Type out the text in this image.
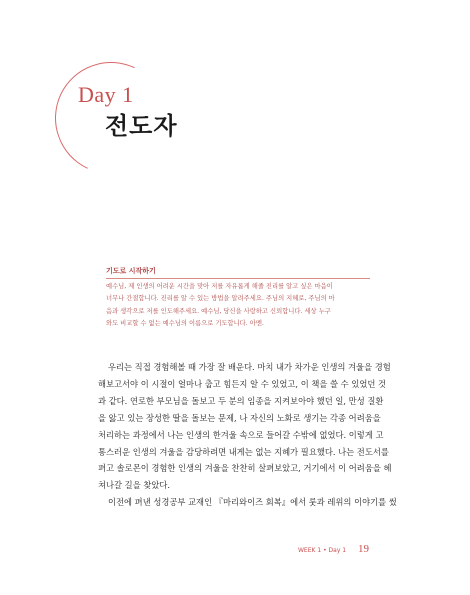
Day 1
전도자
기도로 시작하기
예수님, 제 인생의 어려운 시간을 맞아 저를 자유롭게 해줄 진리를 알고 싶은 마음이
너무나 간절합니다. 진리를 알 수 있는 방법을 알려주세요. 주님의 지혜로, 주님의 마
음과 생각으로 저를 인도해주세요. 예수님, 당신을 사랑하고 신뢰합니다. 세상 누구
와도 비교할 수 없는 예수님의 이름으로 기도합니다. 아멘.
우리는 직접 경험해볼 때 가장 잘 배운다. 마치 내가 차가운 인생의 겨울을 경험
해보고서야 이 시절이 얼마나 춥고 힘든지 알 수 있었고, 이 책을 쓸 수 있었던 것
과 같다. 연로한 부모님을 돌보고 두 분의 임종을 지켜보아야 했던 일, 만성 질환
을 앓고 있는 장성한 딸을 돌보는 문제, 나 자신의 노화로 생기는 각종 어려움을
처리하는 과정에서 나는 인생의 한겨울 속으로 들어갈 수밖에 없었다. 이렇게 고
통스러운 인생의 겨울을 감당하려면 내게는 없는 지혜가 필요했다. 나는 전도서를
펴고 솔로몬이 경험한 인생의 겨울을 찬찬히 살펴보았고, 거기에서 이 어려움을 헤
쳐나갈 길을 찾았다.
이전에 펴낸 성경공부 교재인 『마리와이즈 회복』에서 룻과 레위의 이야기를 썼
WEEK 1 • Day 1 19
